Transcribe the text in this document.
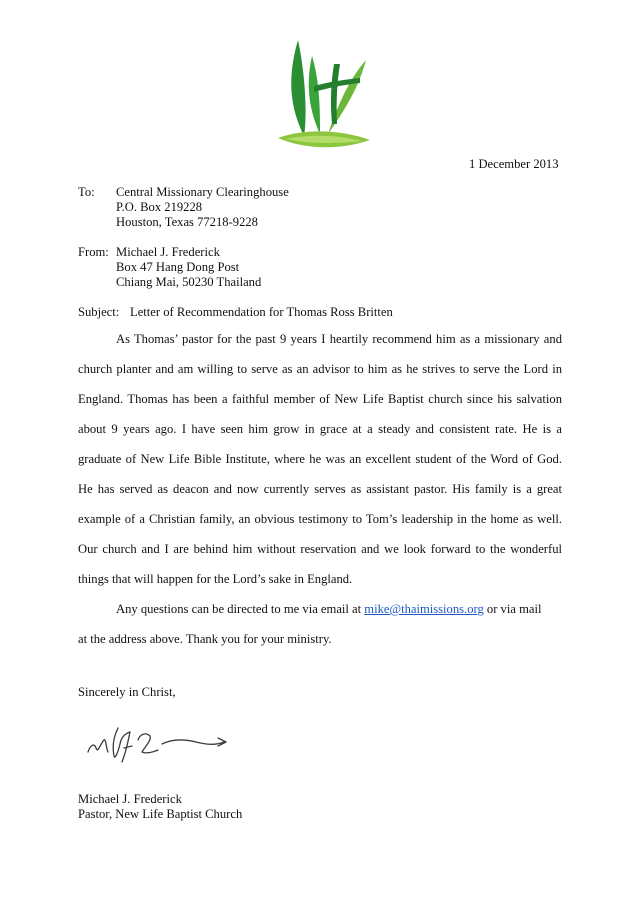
1 December 2013
To: Central Missionary Clearinghouse
P.O. Box 219228
Houston, Texas 77218-9228
From: Michael J. Frederick
Box 47 Hang Dong Post
Chiang Mai, 50230 Thailand
Subject: Letter of Recommendation for Thomas Ross Britten
As Thomas’ pastor for the past 9 years I heartily recommend him as a missionary and
church planter and am willing to serve as an advisor to him as he strives to serve the Lord in
England. Thomas has been a faithful member of New Life Baptist church since his salvation
about 9 years ago. I have seen him grow in grace at a steady and consistent rate. He is a
graduate of New Life Bible Institute, where he was an excellent student of the Word of God.
He has served as deacon and now currently serves as assistant pastor. His family is a great
example of a Christian family, an obvious testimony to Tom’s leadership in the home as well.
Our church and I are behind him without reservation and we look forward to the wonderful
things that will happen for the Lord’s sake in England.
Any questions can be directed to me via email at mike@thaimissions.org or via mail
at the address above. Thank you for your ministry.
Sincerely in Christ,
Michael J. Frederick
Pastor, New Life Baptist Church
